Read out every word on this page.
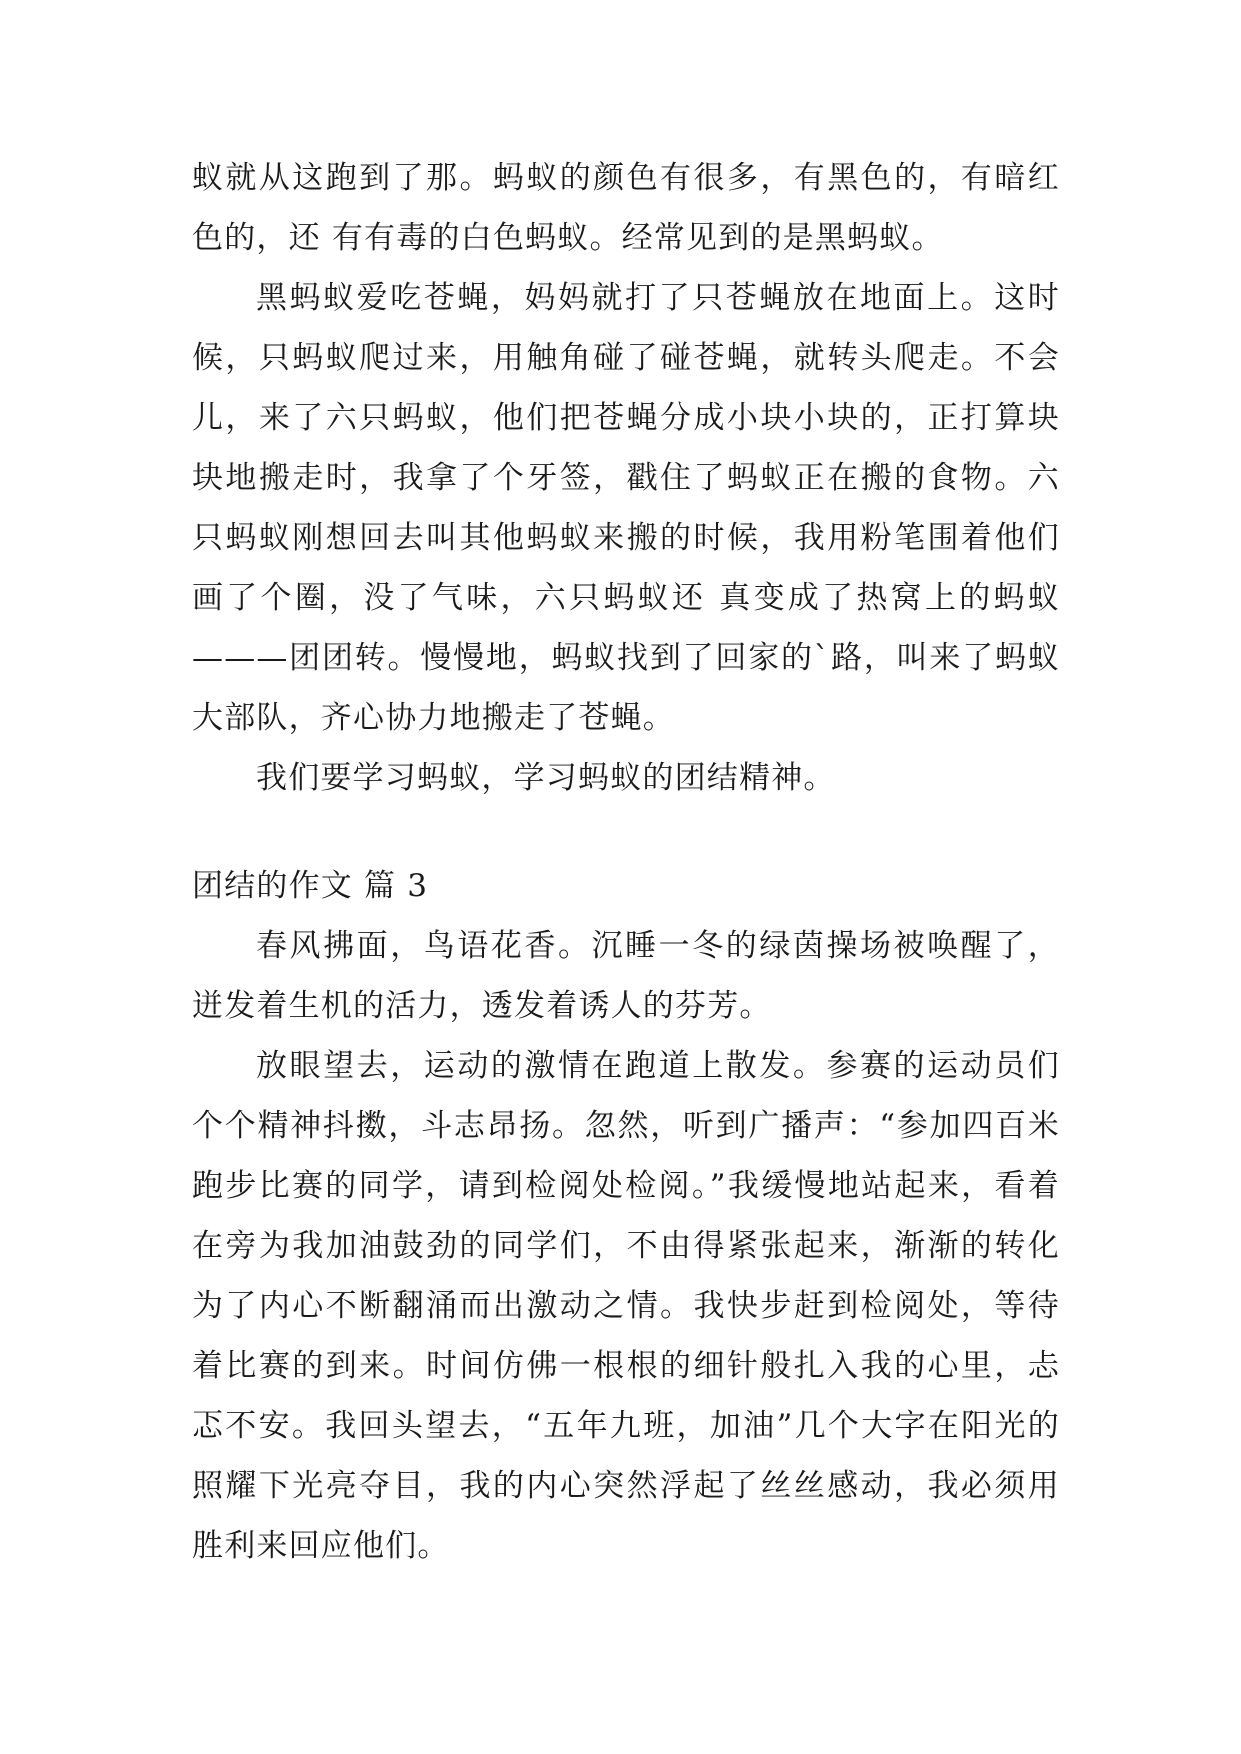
蚁就从这跑到了那。蚂蚁的颜色有很多，有黑色的，有暗红色的，还 有有毒的白色蚂蚁。经常见到的是黑蚂蚁。

黑蚂蚁爱吃苍蝇，妈妈就打了只苍蝇放在地面上。这时候，只蚂蚁爬过来，用触角碰了碰苍蝇，就转头爬走。不会儿，来了六只蚂蚁，他们把苍蝇分成小块小块的，正打算块块地搬走时，我拿了个牙签，戳住了蚂蚁正在搬的食物。六只蚂蚁刚想回去叫其他蚂蚁来搬的时候，我用粉笔围着他们画了个圈，没了气味，六只蚂蚁还 真变成了热窝上的蚂蚁———团团转。慢慢地，蚂蚁找到了回家的`路，叫来了蚂蚁大部队，齐心协力地搬走了苍蝇。

我们要学习蚂蚁，学习蚂蚁的团结精神。

团结的作文 篇 3

春风拂面，鸟语花香。沉睡一冬的绿茵操场被唤醒了，迸发着生机的活力，透发着诱人的芬芳。

放眼望去，运动的激情在跑道上散发。参赛的运动员们个个精神抖擞，斗志昂扬。忽然，听到广播声：“参加四百米跑步比赛的同学，请到检阅处检阅。”我缓慢地站起来，看着在旁为我加油鼓劲的同学们，不由得紧张起来，渐渐的转化为了内心不断翻涌而出激动之情。我快步赶到检阅处，等待着比赛的到来。时间仿佛一根根的细针般扎入我的心里，忐忑不安。我回头望去，“五年九班，加油”几个大字在阳光的照耀下光亮夺目，我的内心突然浮起了丝丝感动，我必须用胜利来回应他们。
